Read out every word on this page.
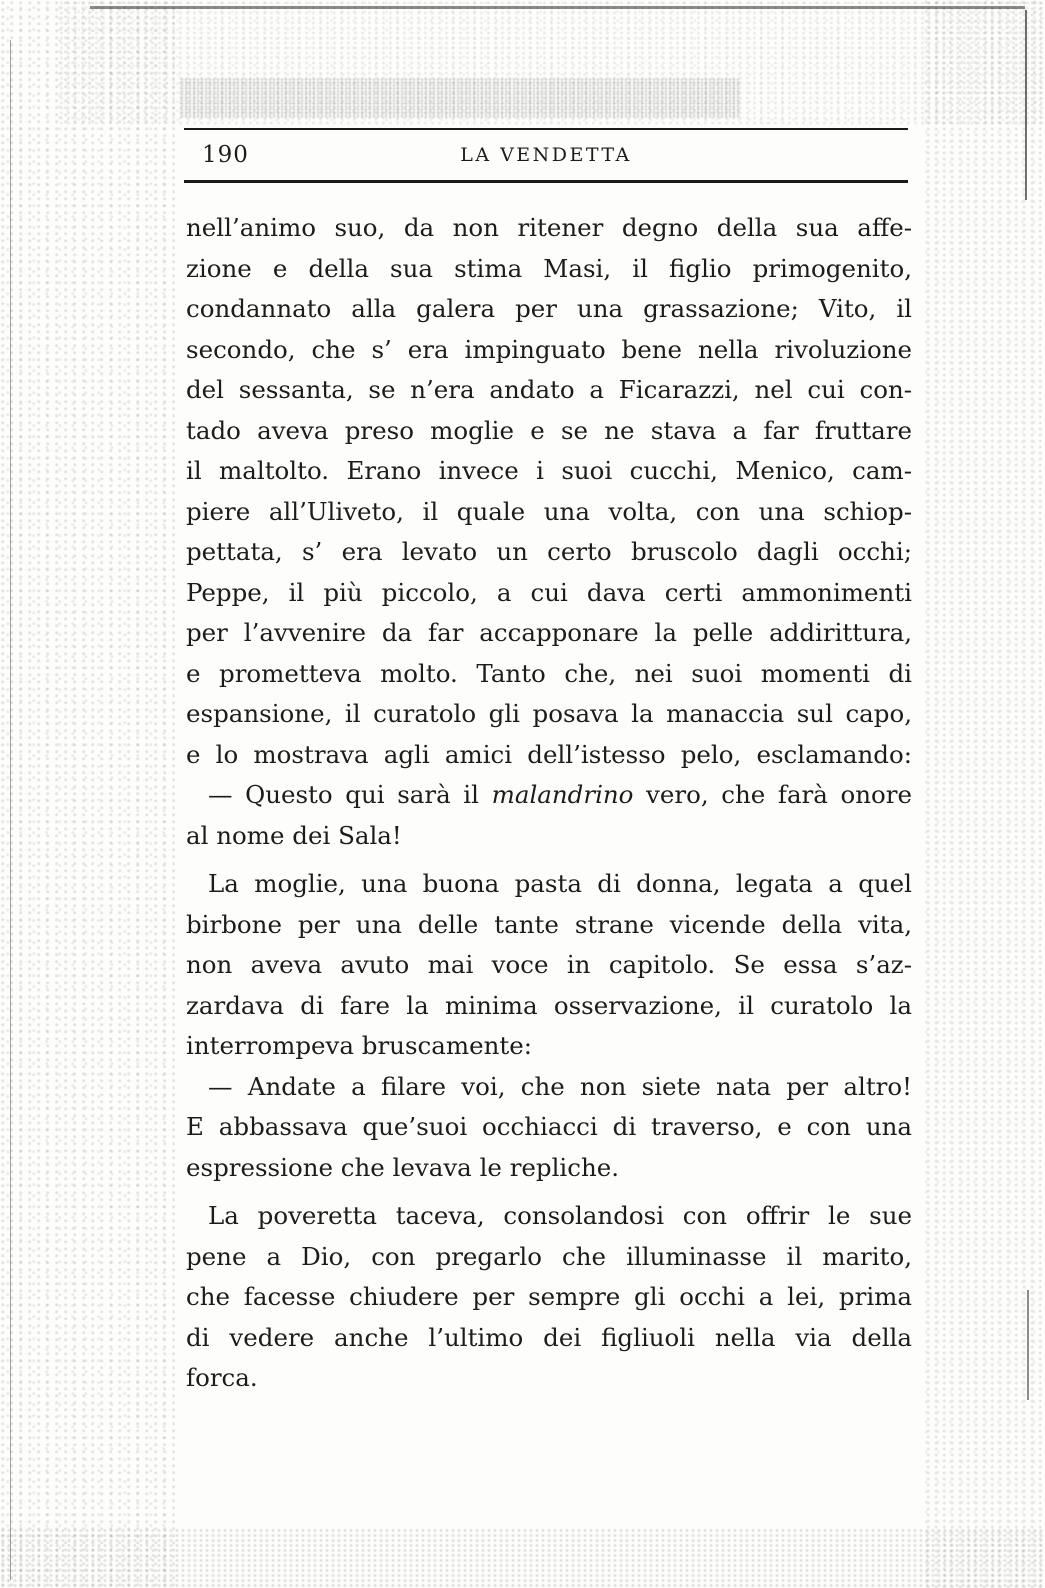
190	LA VENDETTA
nell’animo suo, da non ritener degno della sua affe-
zione e della sua stima Masi, il figlio primogenito,
condannato alla galera per una grassazione; Vito, il
secondo, che s’ era impinguato bene nella rivoluzione
del sessanta, se n’era andato a Ficarazzi, nel cui con-
tado aveva preso moglie e se ne stava a far fruttare
il maltolto. Erano invece i suoi cucchi, Menico, cam-
piere all’Uliveto, il quale una volta, con una schiop-
pettata, s’ era levato un certo bruscolo dagli occhi;
Peppe, il più piccolo, a cui dava certi ammonimenti
per l’avvenire da far accapponare la pelle addirittura,
e prometteva molto. Tanto che, nei suoi momenti di
espansione, il curatolo gli posava la manaccia sul capo,
e lo mostrava agli amici dell’istesso pelo, esclamando:
— Questo qui sarà il malandrino vero, che farà onore
al nome dei Sala!
La moglie, una buona pasta di donna, legata a quel
birbone per una delle tante strane vicende della vita,
non aveva avuto mai voce in capitolo. Se essa s’az-
zardava di fare la minima osservazione, il curatolo la
interrompeva bruscamente:
— Andate a filare voi, che non siete nata per altro!
E abbassava que’suoi occhiacci di traverso, e con una
espressione che levava le repliche.
La poveretta taceva, consolandosi con offrir le sue
pene a Dio, con pregarlo che illuminasse il marito,
che facesse chiudere per sempre gli occhi a lei, prima
di vedere anche l’ultimo dei figliuoli nella via della
forca.
